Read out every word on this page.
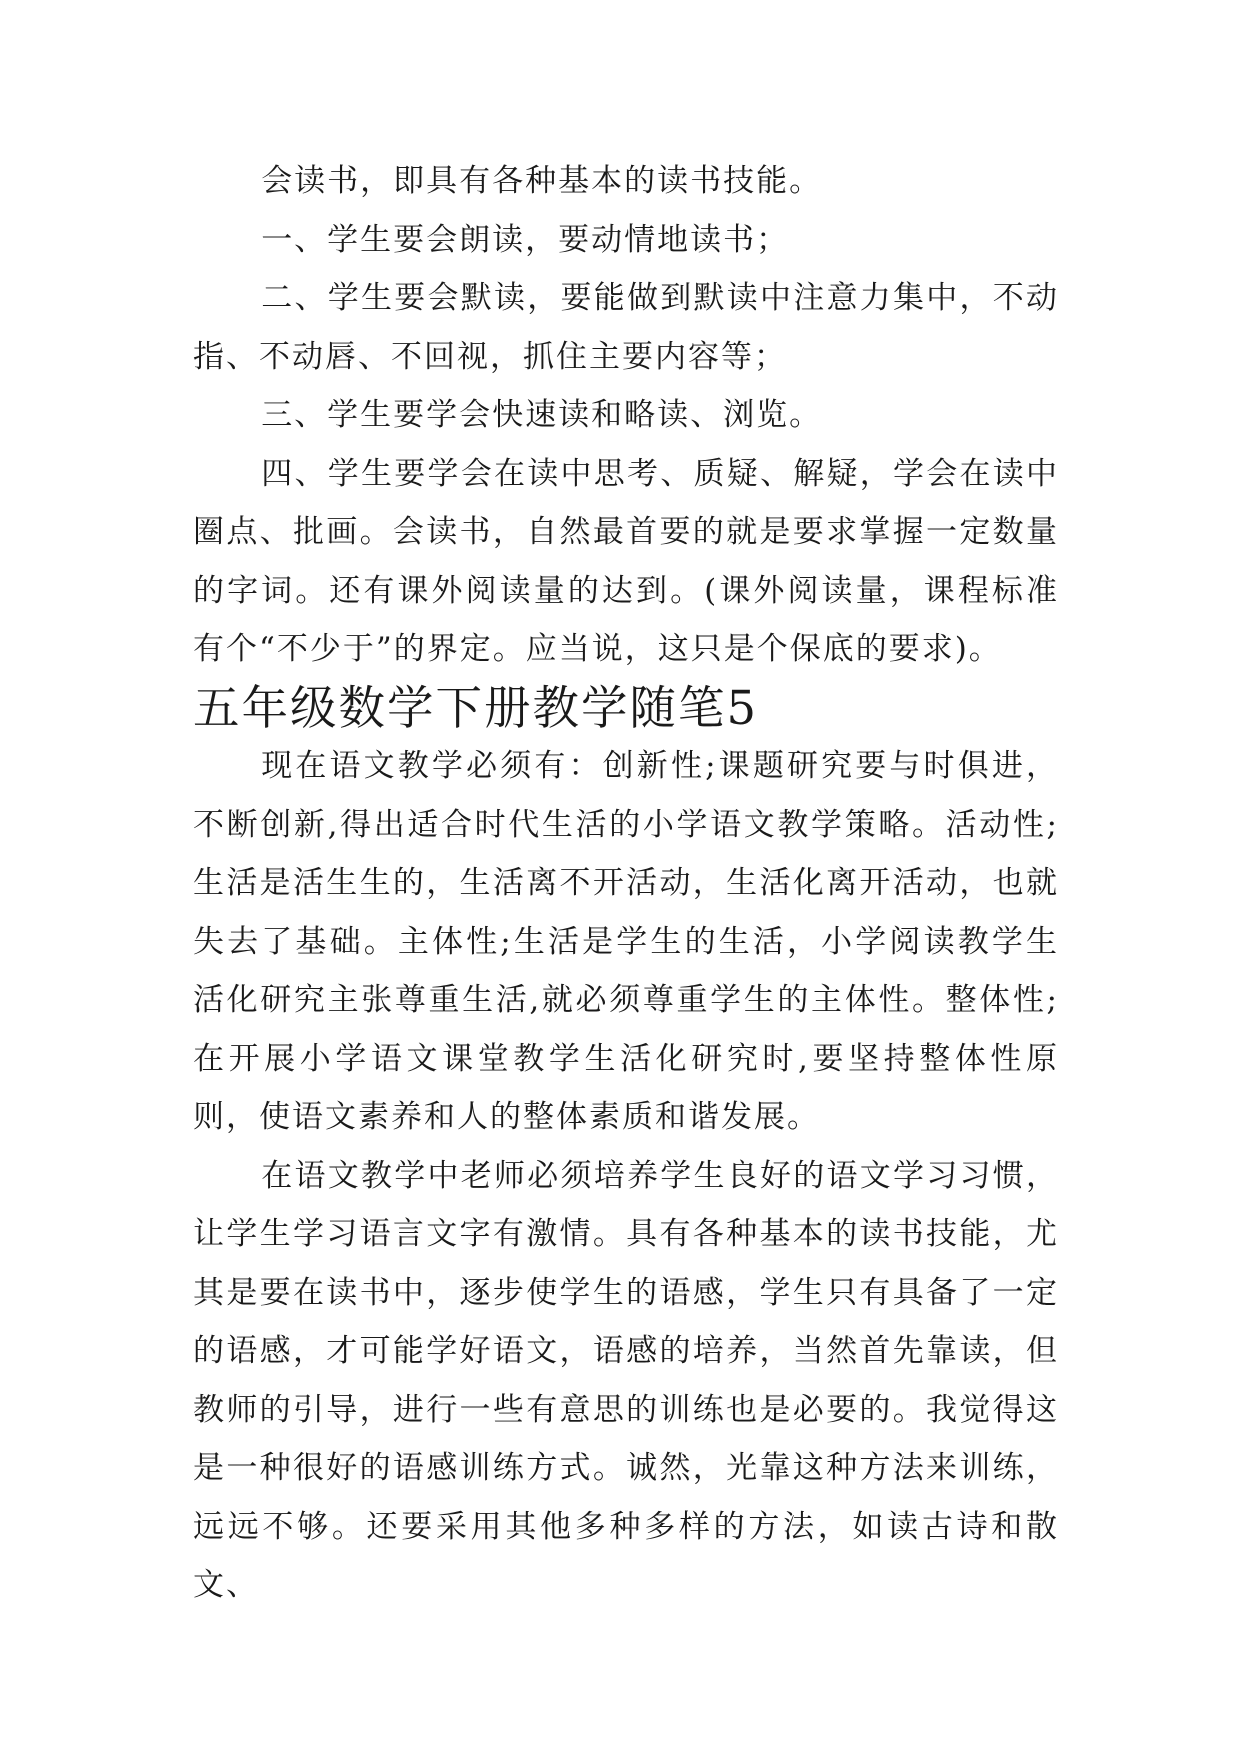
会读书，即具有各种基本的读书技能。

一、学生要会朗读，要动情地读书；

二、学生要会默读，要能做到默读中注意力集中，不动指、不动唇、不回视，抓住主要内容等；

三、学生要学会快速读和略读、浏览。

四、学生要学会在读中思考、质疑、解疑，学会在读中圈点、批画。会读书，自然最首要的就是要求掌握一定数量的字词。还有课外阅读量的达到。(课外阅读量，课程标准有个“不少于”的界定。应当说，这只是个保底的要求)。

五年级数学下册教学随笔5

现在语文教学必须有：创新性;课题研究要与时俱进，不断创新,得出适合时代生活的小学语文教学策略。活动性;生活是活生生的，生活离不开活动，生活化离开活动，也就失去了基础。主体性;生活是学生的生活，小学阅读教学生活化研究主张尊重生活,就必须尊重学生的主体性。整体性;在开展小学语文课堂教学生活化研究时,要坚持整体性原则，使语文素养和人的整体素质和谐发展。

在语文教学中老师必须培养学生良好的语文学习习惯，让学生学习语言文字有激情。具有各种基本的读书技能，尤其是要在读书中，逐步使学生的语感，学生只有具备了一定的语感，才可能学好语文，语感的培养，当然首先靠读，但教师的引导，进行一些有意思的训练也是必要的。我觉得这是一种很好的语感训练方式。诚然，光靠这种方法来训练，远远不够。还要采用其他多种多样的方法，如读古诗和散文、
